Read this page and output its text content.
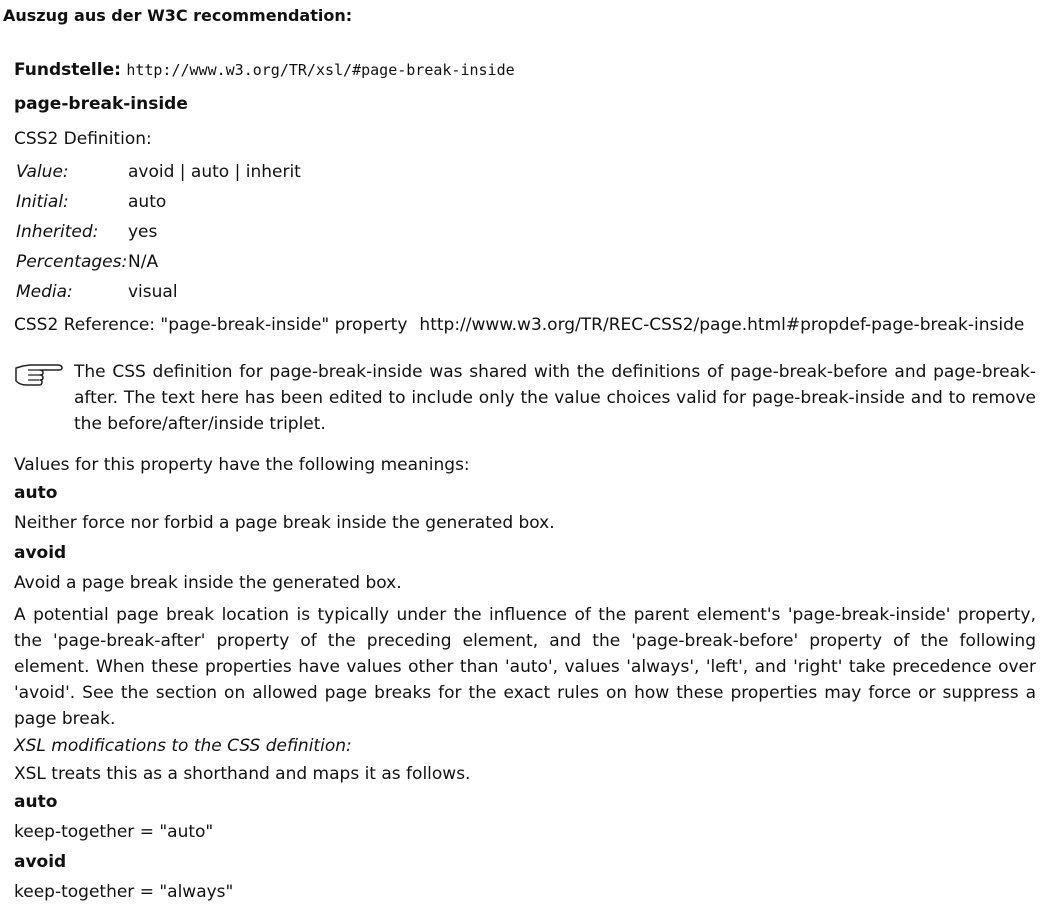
Auszug aus der W3C recommendation:
Fundstelle: http://www.w3.org/TR/xsl/#page-break-inside
page-break-inside
CSS2 Definition:
Value:	avoid | auto | inherit
Initial:	auto
Inherited:	yes
Percentages:	N/A
Media:	visual
CSS2 Reference: "page-break-inside" property http://www.w3.org/TR/REC-CSS2/page.html#propdef-page-break-inside
The CSS definition for page-break-inside was shared with the definitions of page-break-before and page-break-after. The text here has been edited to include only the value choices valid for page-break-inside and to remove the before/after/inside triplet.
Values for this property have the following meanings:
auto
Neither force nor forbid a page break inside the generated box.
avoid
Avoid a page break inside the generated box.
A potential page break location is typically under the influence of the parent element's 'page-break-inside' property, the 'page-break-after' property of the preceding element, and the 'page-break-before' property of the following element. When these properties have values other than 'auto', values 'always', 'left', and 'right' take precedence over 'avoid'. See the section on allowed page breaks for the exact rules on how these properties may force or suppress a page break.
XSL modifications to the CSS definition:
XSL treats this as a shorthand and maps it as follows.
auto
keep-together = "auto"
avoid
keep-together = "always"
